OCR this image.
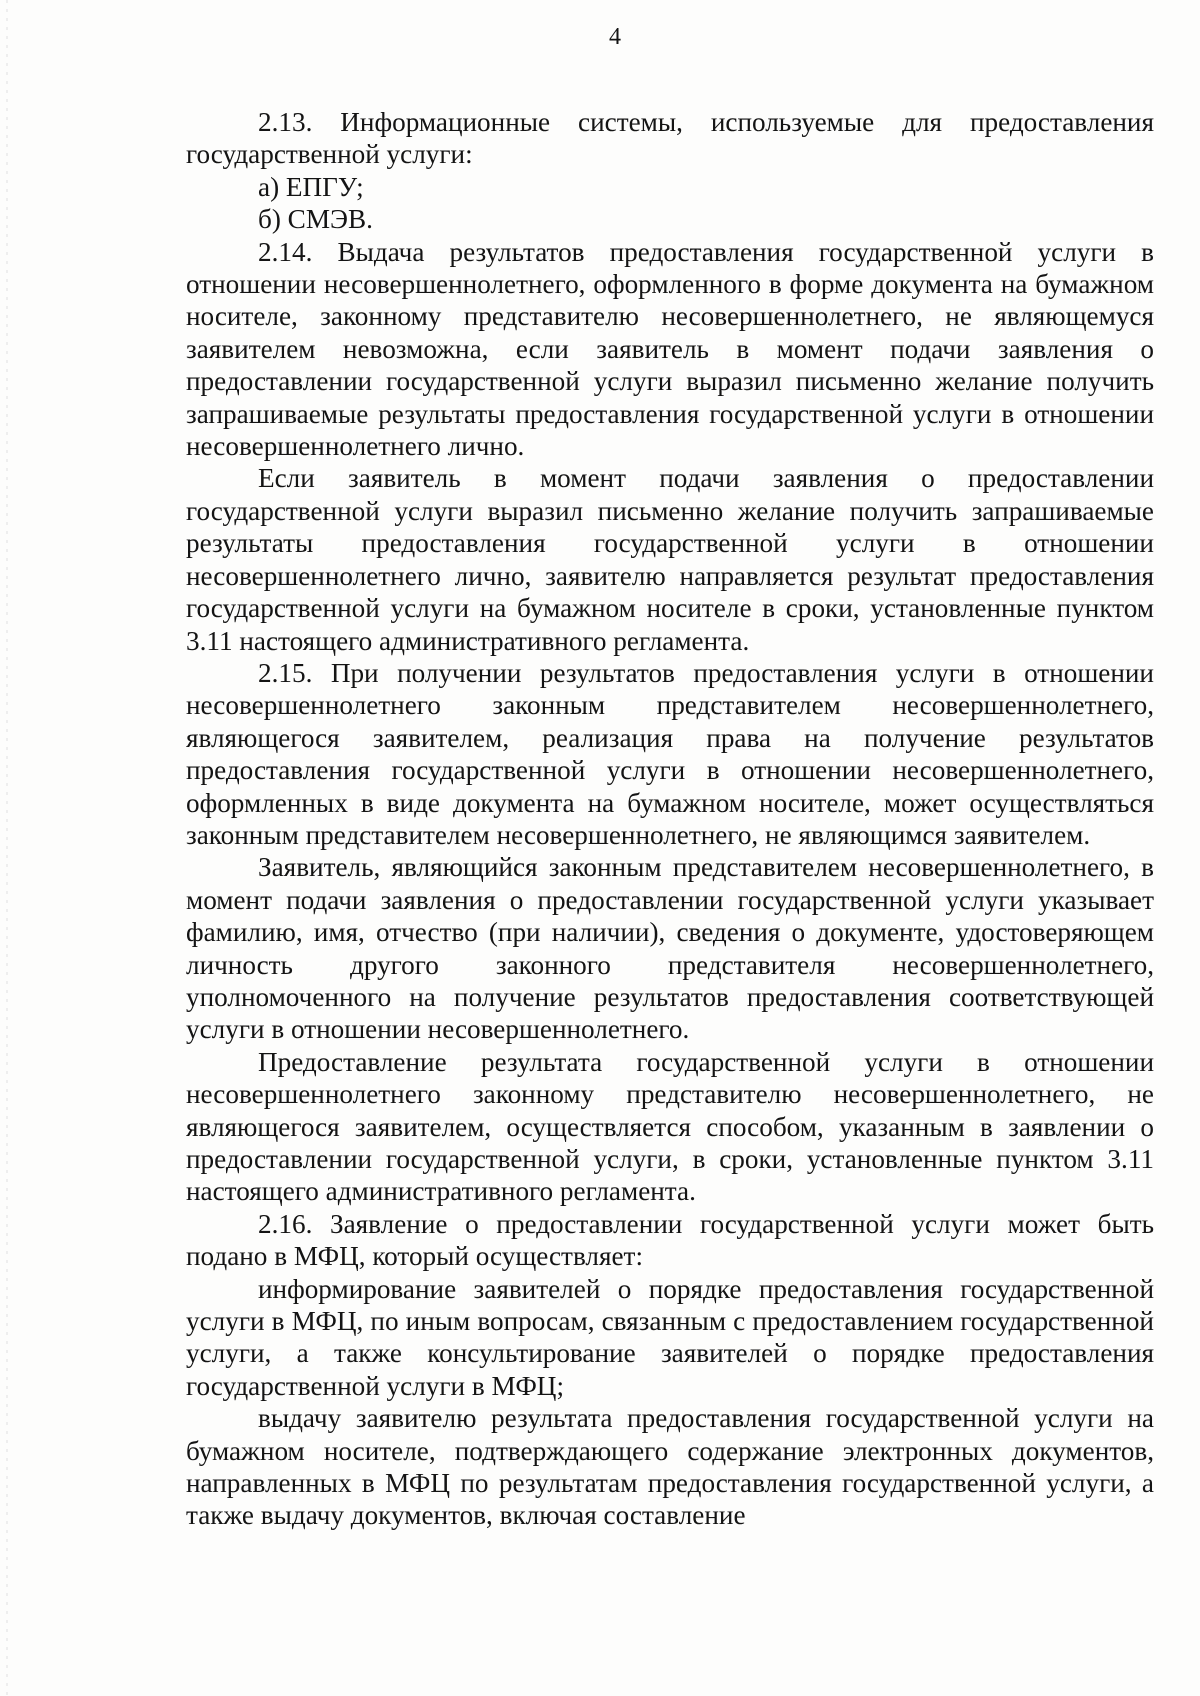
4

2.13. Информационные системы, используемые для предоставления государственной услуги:

а) ЕПГУ;

б) СМЭВ.

2.14. Выдача результатов предоставления государственной услуги в отношении несовершеннолетнего, оформленного в форме документа на бумажном носителе, законному представителю несовершеннолетнего, не являющемуся заявителем невозможна, если заявитель в момент подачи заявления о предоставлении государственной услуги выразил письменно желание получить запрашиваемые результаты предоставления государственной услуги в отношении несовершеннолетнего лично.

Если заявитель в момент подачи заявления о предоставлении государственной услуги выразил письменно желание получить запрашиваемые результаты предоставления государственной услуги в отношении несовершеннолетнего лично, заявителю направляется результат предоставления государственной услуги на бумажном носителе в сроки, установленные пунктом 3.11 настоящего административного регламента.

2.15. При получении результатов предоставления услуги в отношении несовершеннолетнего законным представителем несовершеннолетнего, являющегося заявителем, реализация права на получение результатов предоставления государственной услуги в отношении несовершеннолетнего, оформленных в виде документа на бумажном носителе, может осуществляться законным представителем несовершеннолетнего, не являющимся заявителем.

Заявитель, являющийся законным представителем несовершеннолетнего, в момент подачи заявления о предоставлении государственной услуги указывает фамилию, имя, отчество (при наличии), сведения о документе, удостоверяющем личность другого законного представителя несовершеннолетнего, уполномоченного на получение результатов предоставления соответствующей услуги в отношении несовершеннолетнего.

Предоставление результата государственной услуги в отношении несовершеннолетнего законному представителю несовершеннолетнего, не являющегося заявителем, осуществляется способом, указанным в заявлении о предоставлении государственной услуги, в сроки, установленные пунктом 3.11 настоящего административного регламента.

2.16. Заявление о предоставлении государственной услуги может быть подано в МФЦ, который осуществляет:

информирование заявителей о порядке предоставления государственной услуги в МФЦ, по иным вопросам, связанным с предоставлением государственной услуги, а также консультирование заявителей о порядке предоставления государственной услуги в МФЦ;

выдачу заявителю результата предоставления государственной услуги на бумажном носителе, подтверждающего содержание электронных документов, направленных в МФЦ по результатам предоставления государственной услуги, а также выдачу документов, включая составление
